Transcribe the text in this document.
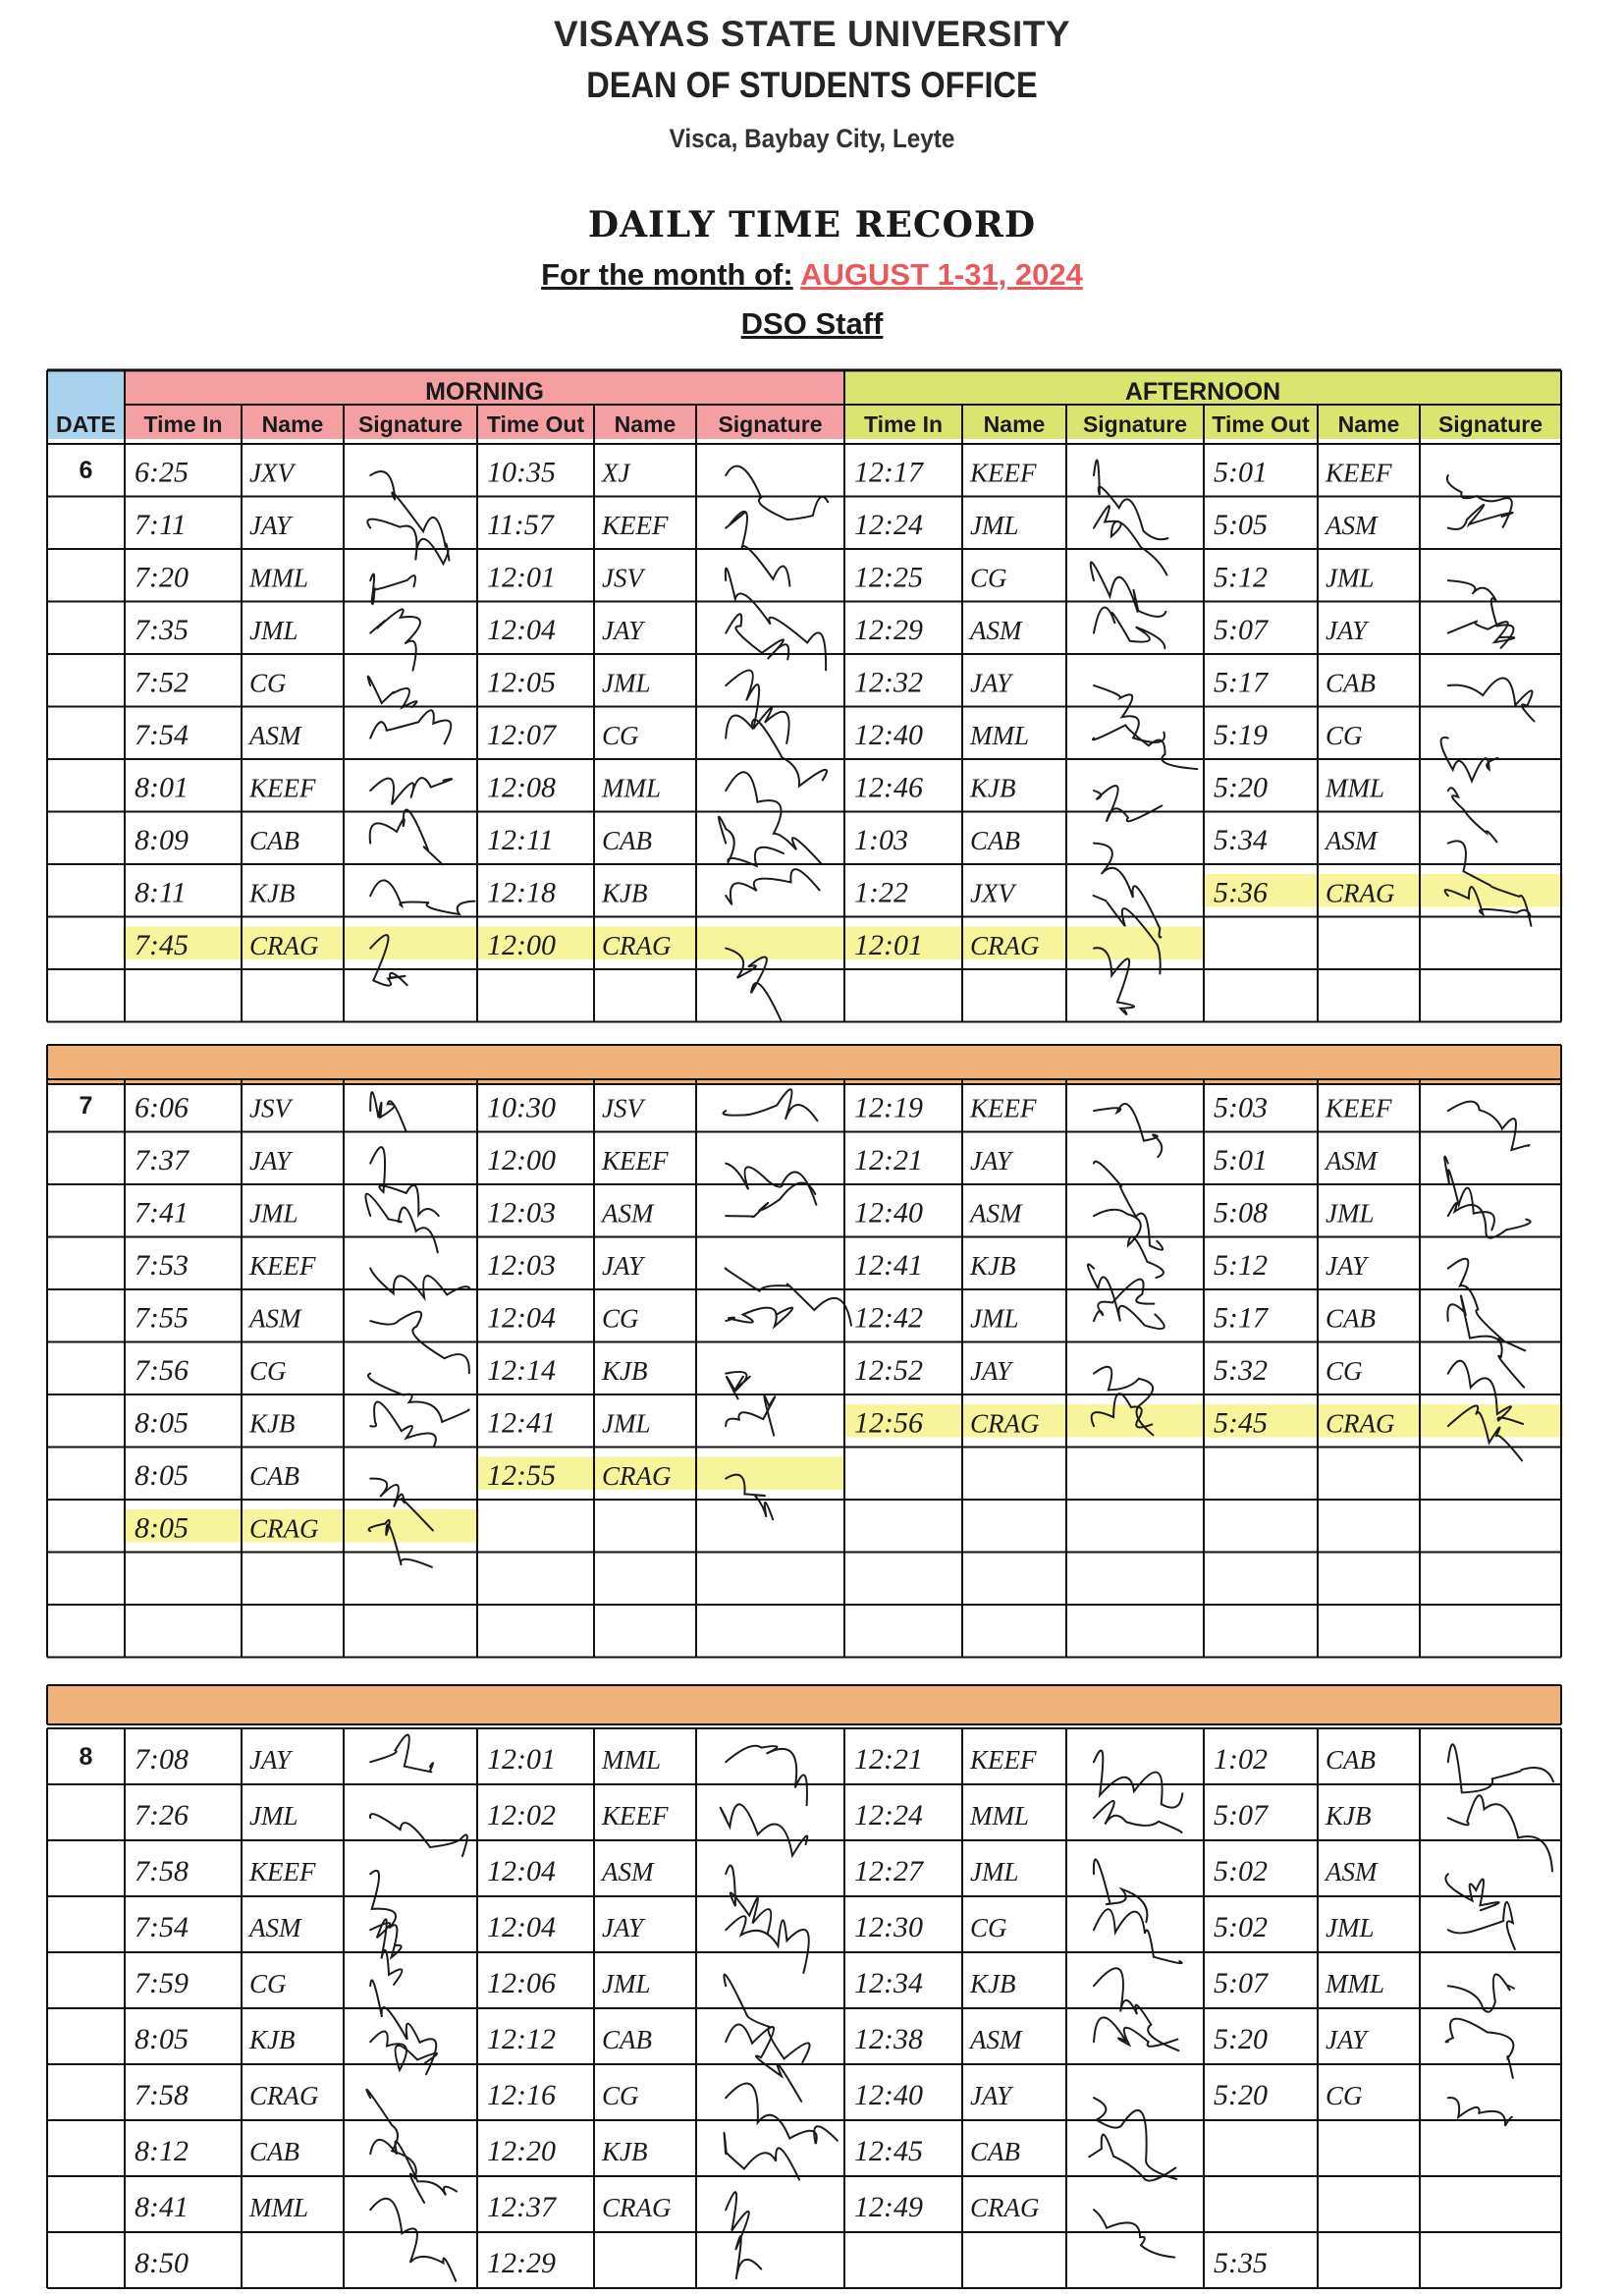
VISAYAS STATE UNIVERSITY
DEAN OF STUDENTS OFFICE
Visca, Baybay City, Leyte
DAILY TIME RECORD
For the month of: AUGUST 1-31, 2024
DSO Staff
MORNING	AFTERNOON
DATE Time In Name Signature Time Out Name Signature Time In Name Signature Time Out Name Signature
6 6:25 JXV	10:35 XJ	12:17 KEEF	5:01 KEEF
7:11 JAY	11:57 KEEF	12:24 JML	5:05 ASM
7:20 MML	12:01 JSV	12:25 CG	5:12 JML
7:35 JML	12:04 JAY	12:29 ASM	5:07 JAY
7:52 CG	12:05 JML	12:32 JAY	5:17 CAB
7:54 ASM	12:07 CG	12:40 MML	5:19 CG
8:01 KEEF	12:08 MML	12:46 KJB	5:20 MML
8:09 CAB	12:11 CAB	1:03 CAB	5:34 ASM
8:11 KJB	12:18 KJB	1:22 JXV	5:36 CRAG
7:45 CRAG	12:00 CRAG	12:01 CRAG
7 6:06 JSV	10:30 JSV	12:19 KEEF	5:03 KEEF
7:37 JAY	12:00 KEEF	12:21 JAY	5:01 ASM
7:41 JML	12:03 ASM	12:40 ASM	5:08 JML
7:53 KEEF	12:03 JAY	12:41 KJB	5:12 JAY
7:55 ASM	12:04 CG	12:42 JML	5:17 CAB
7:56 CG	12:14 KJB	12:52 JAY	5:32 CG
8:05 KJB	12:41 JML	12:56 CRAG	5:45 CRAG
8:05 CAB	12:55 CRAG
8:05 CRAG
8 7:08 JAY	12:01 MML	12:21 KEEF	1:02 CAB
7:26 JML	12:02 KEEF	12:24 MML	5:07 KJB
7:58 KEEF	12:04 ASM	12:27 JML	5:02 ASM
7:54 ASM	12:04 JAY	12:30 CG	5:02 JML
7:59 CG	12:06 JML	12:34 KJB	5:07 MML
8:05 KJB	12:12 CAB	12:38 ASM	5:20 JAY
7:58 CRAG	12:16 CG	12:40 JAY	5:20 CG
8:12 CAB	12:20 KJB	12:45 CAB
8:41 MML	12:37 CRAG	12:49 CRAG
8:50	12:29	5:35
